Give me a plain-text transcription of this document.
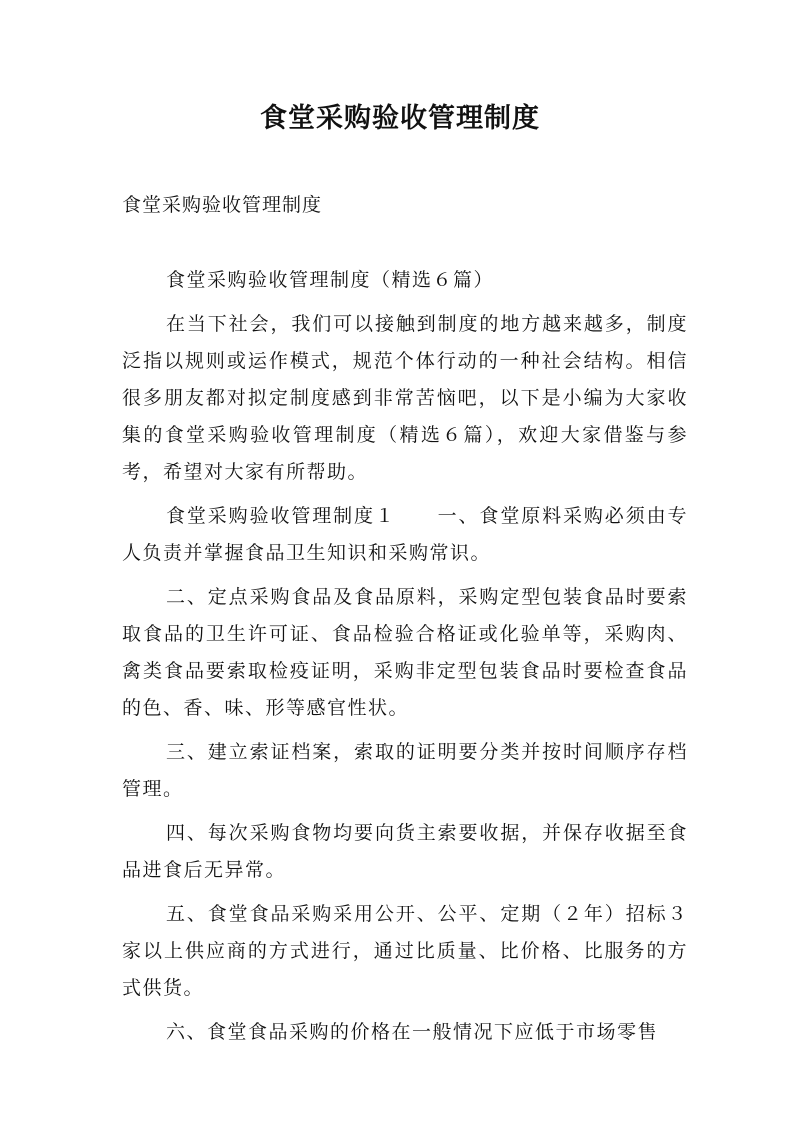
食堂采购验收管理制度

食堂采购验收管理制度

食堂采购验收管理制度（精选６篇）

在当下社会，我们可以接触到制度的地方越来越多，制度泛指以规则或运作模式，规范个体行动的一种社会结构。相信很多朋友都对拟定制度感到非常苦恼吧，以下是小编为大家收集的食堂采购验收管理制度（精选６篇），欢迎大家借鉴与参考，希望对大家有所帮助。

食堂采购验收管理制度１　　一、食堂原料采购必须由专人负责并掌握食品卫生知识和采购常识。

二、定点采购食品及食品原料，采购定型包装食品时要索取食品的卫生许可证、食品检验合格证或化验单等，采购肉、禽类食品要索取检疫证明，采购非定型包装食品时要检查食品的色、香、味、形等感官性状。

三、建立索证档案，索取的证明要分类并按时间顺序存档管理。

四、每次采购食物均要向货主索要收据，并保存收据至食品进食后无异常。

五、食堂食品采购采用公开、公平、定期（２年）招标３家以上供应商的方式进行，通过比质量、比价格、比服务的方式供货。

六、食堂食品采购的价格在一般情况下应低于市场零售
